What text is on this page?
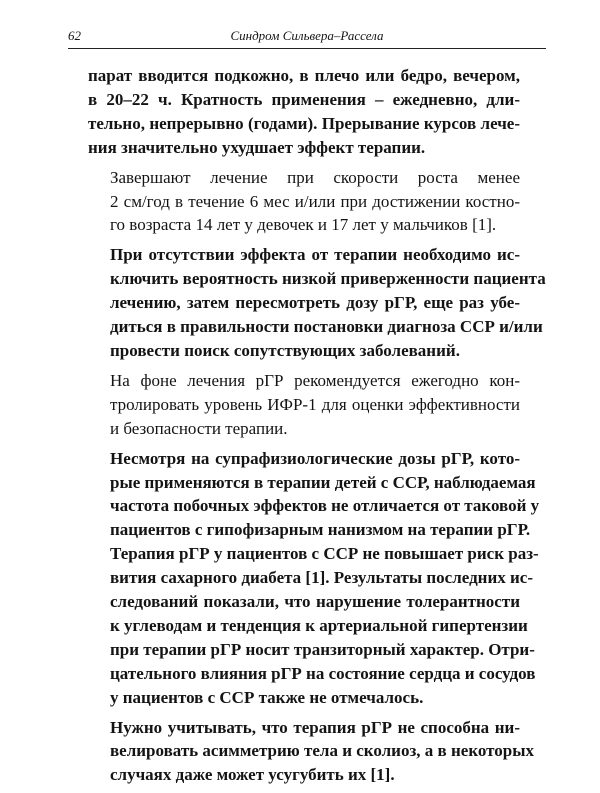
62	Синдром Сильвера–Рассела

парат вводится подкожно, в плечо или бедро, вечером,
в 20–22 ч. Кратность применения – ежедневно, дли-
тельно, непрерывно (годами). Прерывание курсов лече-
ния значительно ухудшает эффект терапии.

Завершают лечение при скорости роста менее
2 см/год в течение 6 мес и/или при достижении костно-
го возраста 14 лет у девочек и 17 лет у мальчиков [1].

При отсутствии эффекта от терапии необходимо ис-
ключить вероятность низкой приверженности пациента
лечению, затем пересмотреть дозу рГР, еще раз убе-
диться в правильности постановки диагноза ССР и/или
провести поиск сопутствующих заболеваний.

На фоне лечения рГР рекомендуется ежегодно кон-
тролировать уровень ИФР-1 для оценки эффективности
и безопасности терапии.

Несмотря на супрафизиологические дозы рГР, кото-
рые применяются в терапии детей с ССР, наблюдаемая
частота побочных эффектов не отличается от таковой у
пациентов с гипофизарным нанизмом на терапии рГР.
Терапия рГР у пациентов с ССР не повышает риск раз-
вития сахарного диабета [1]. Результаты последних ис-
следований показали, что нарушение толерантности
к углеводам и тенденция к артериальной гипертензии
при терапии рГР носит транзиторный характер. Отри-
цательного влияния рГР на состояние сердца и сосудов
у пациентов с ССР также не отмечалось.

Нужно учитывать, что терапия рГР не способна ни-
велировать асимметрию тела и сколиоз, а в некоторых
случаях даже может усугубить их [1].
